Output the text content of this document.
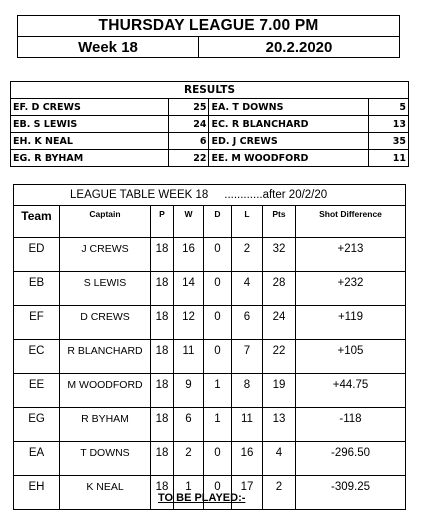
THURSDAY LEAGUE 7.00 PM
Week 18	20.2.2020
RESULTS			
EF. D CREWS	25	EA. T DOWNS	5
EB. S LEWIS	24	EC. R BLANCHARD	13
EH. K NEAL	6	ED. J CREWS	35
EG. R BYHAM	22	EE. M WOODFORD	11
LEAGUE TABLE WEEK 18     ............after 20/2/20							
Team	Captain	P	W	D	L	Pts	Shot Difference
ED	J CREWS	18	16	0	2	32	+213
EB	S LEWIS	18	14	0	4	28	+232
EF	D CREWS	18	12	0	6	24	+119
EC	R BLANCHARD	18	11	0	7	22	+105
EE	M WOODFORD	18	9	1	8	19	+44.75
EG	R BYHAM	18	6	1	11	13	-118
EA	T DOWNS	18	2	0	16	4	-296.50
EH	K NEAL	18	1	0	17	2	-309.25
TO BE PLAYED:-
